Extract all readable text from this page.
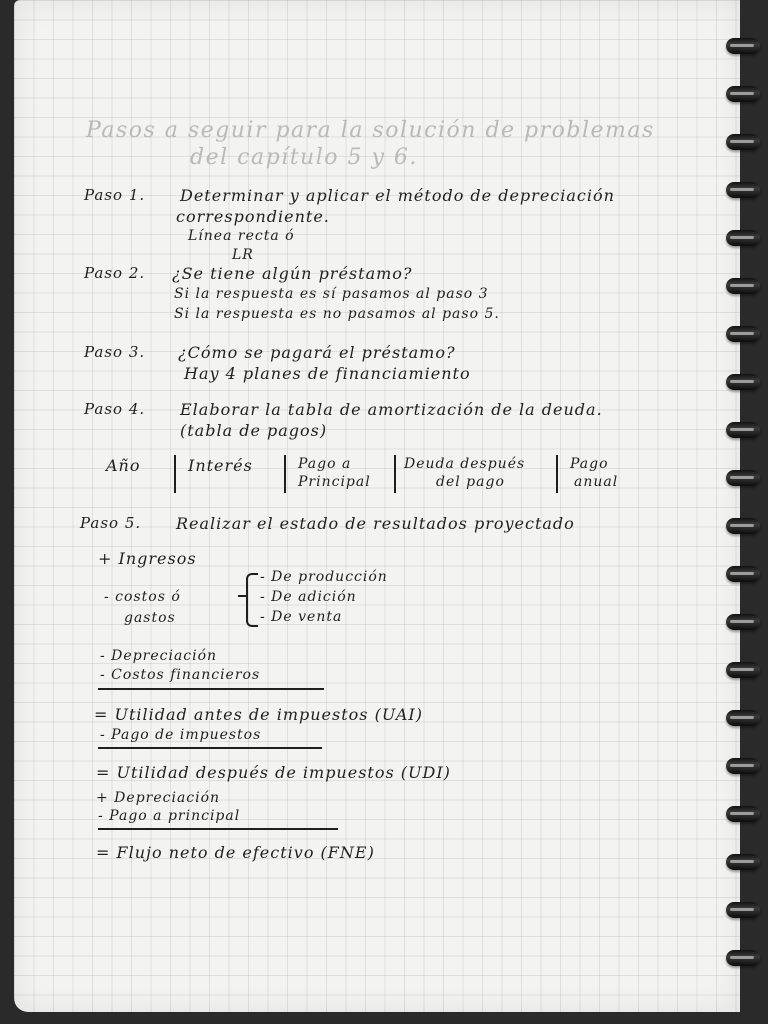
Pasos a seguir para la solución de problemas
del capítulo 5 y 6.
Paso 1. Determinar y aplicar el método de depreciación
correspondiente.
Línea recta ó
LR
Paso 2. ¿Se tiene algún préstamo?
Si la respuesta es sí pasamos al paso 3
Si la respuesta es no pasamos al paso 5.
Paso 3. ¿Cómo se pagará el préstamo?
Hay 4 planes de financiamiento
Paso 4. Elaborar la tabla de amortización de la deuda.
(tabla de pagos)
Año	Interés	Pago a
Principal
Deuda después
del pago
Pago
anual
Paso 5. Realizar el estado de resultados proyectado
+ Ingresos
- costos ó
gastos
- De producción
- De adición
- De venta
- Depreciación
- Costos financieros
= Utilidad antes de impuestos (UAI)
- Pago de impuestos
= Utilidad después de impuestos (UDI)
+ Depreciación
- Pago a principal
= Flujo neto de efectivo (FNE)
